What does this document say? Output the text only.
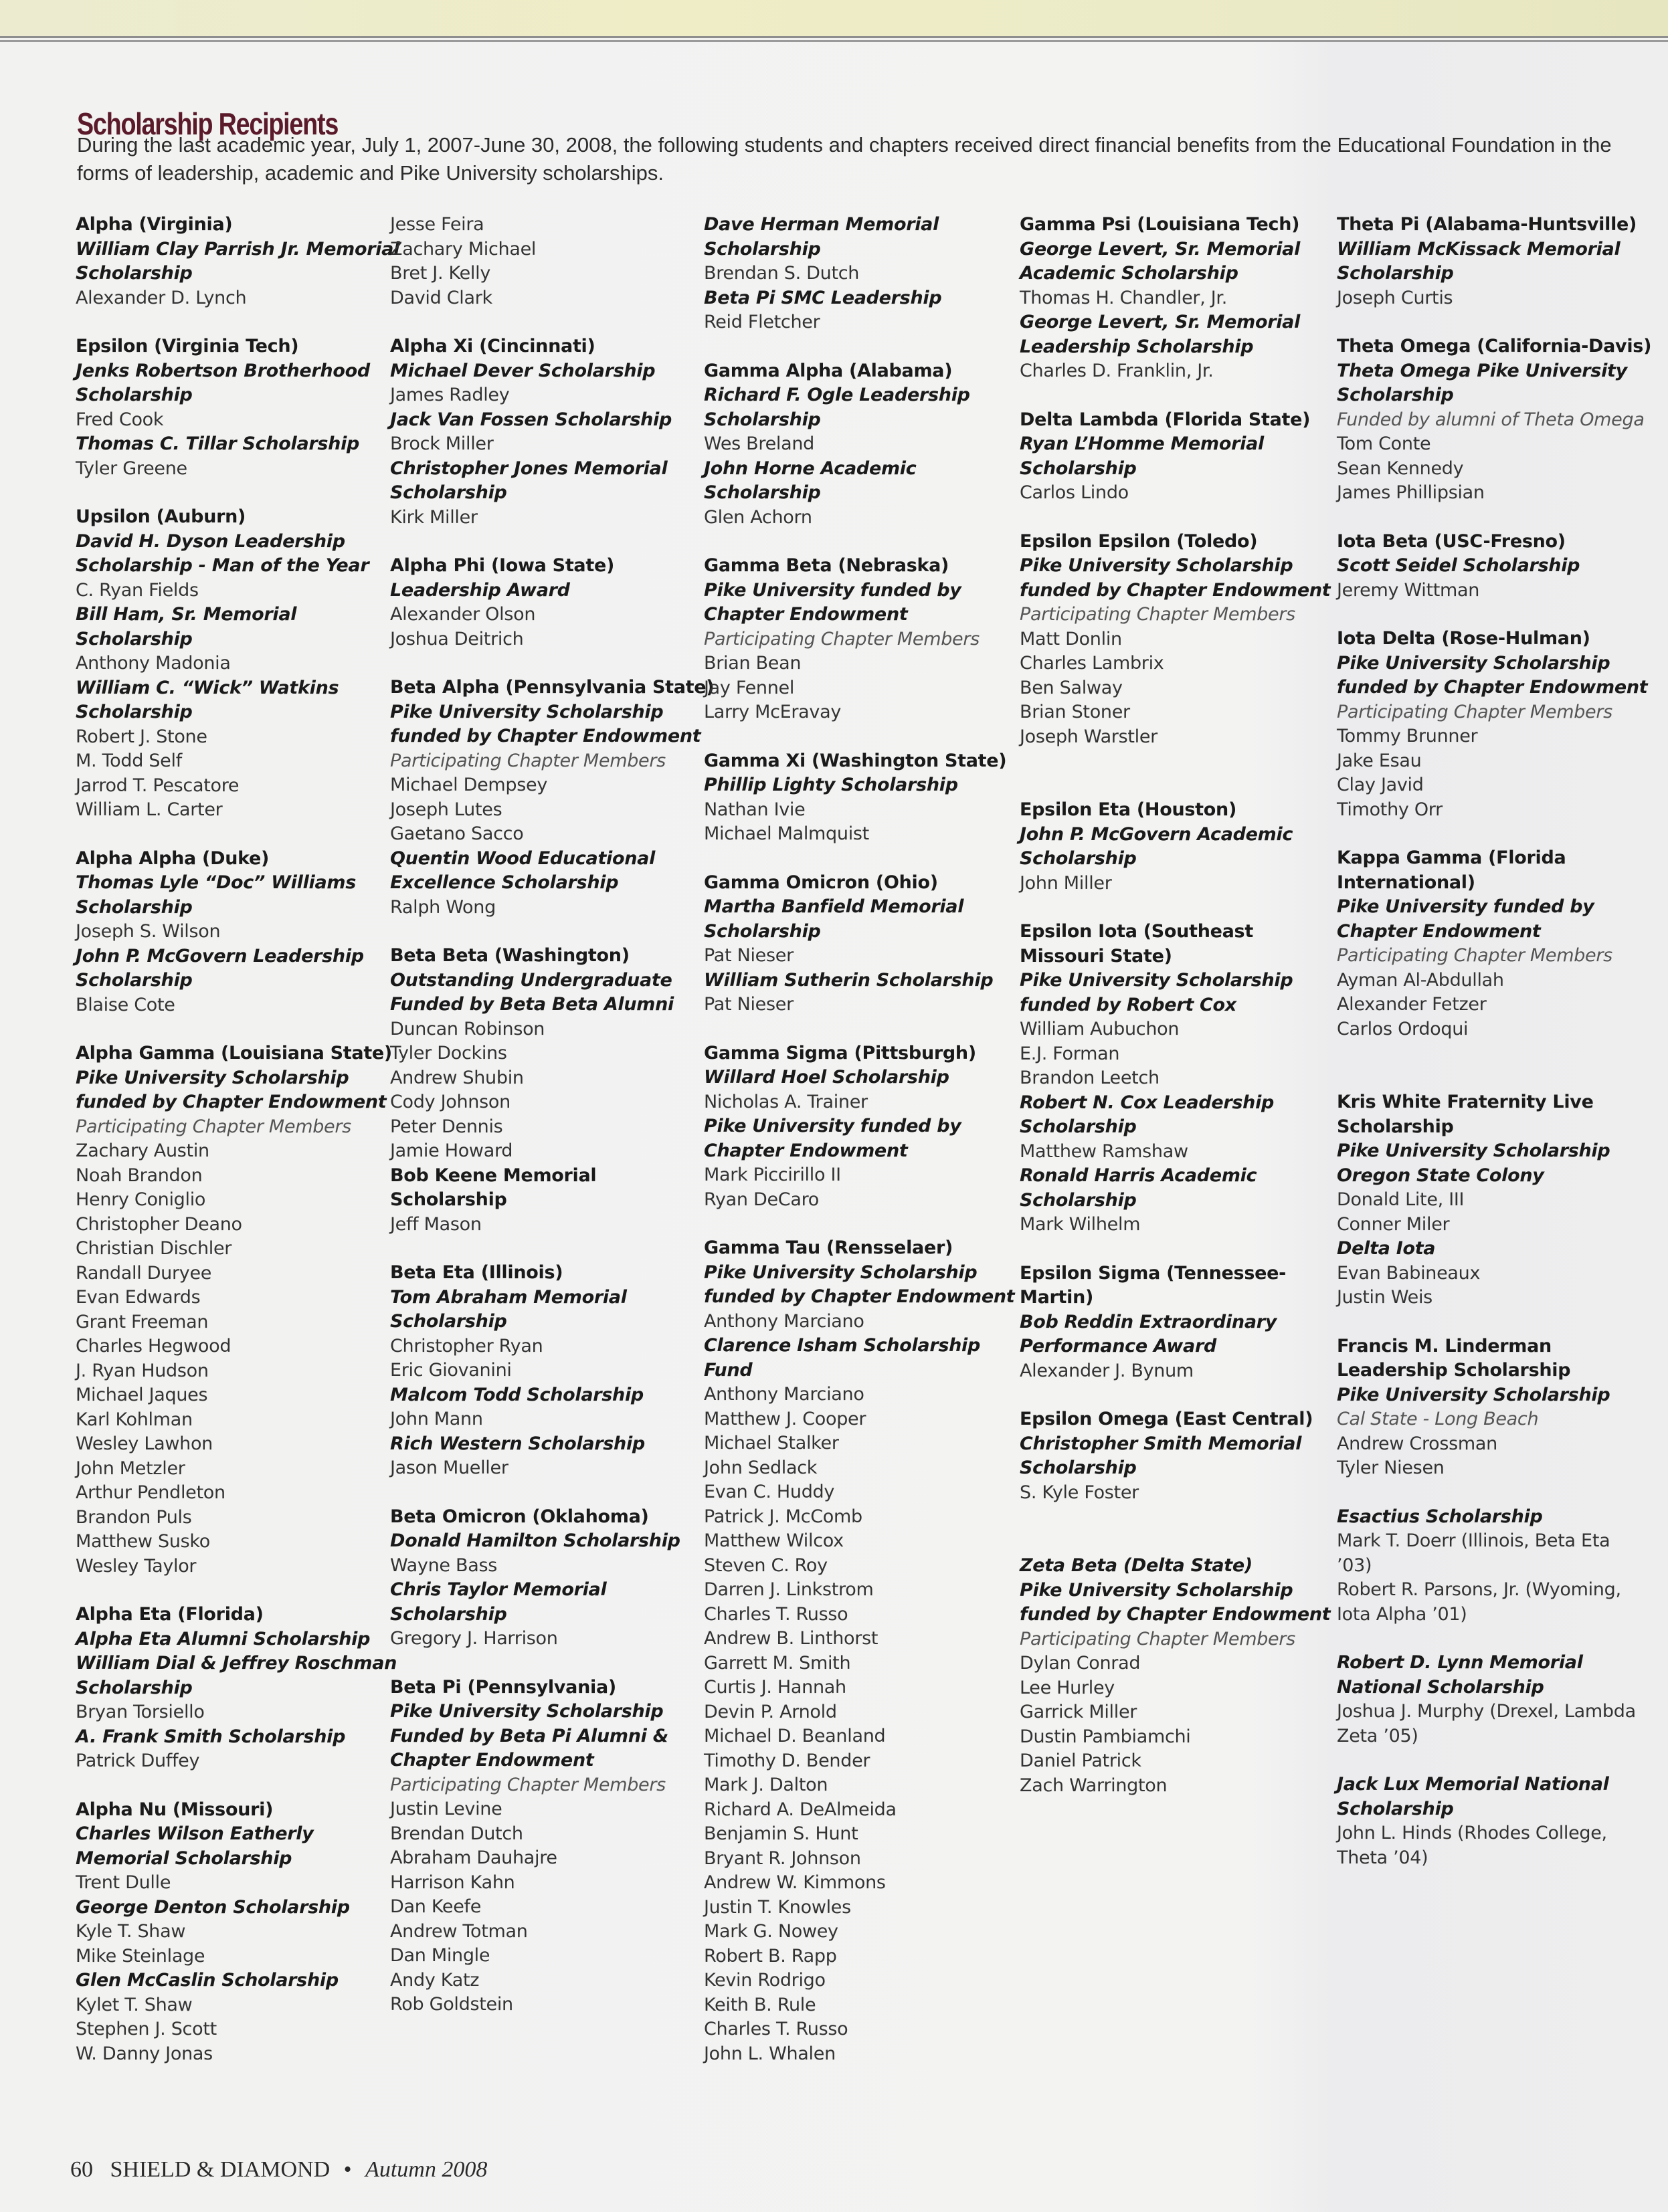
Scholarship Recipients

During the last academic year, July 1, 2007-June 30, 2008, the following students and chapters received direct financial benefits from the Educational Foundation in the forms of leadership, academic and Pike University scholarships.

Alpha (Virginia)
William Clay Parrish Jr. Memorial
Scholarship
Alexander D. Lynch
Epsilon (Virginia Tech)
Jenks Robertson Brotherhood
Scholarship
Fred Cook
Thomas C. Tillar Scholarship
Tyler Greene
Upsilon (Auburn)
David H. Dyson Leadership
Scholarship - Man of the Year
C. Ryan Fields
Bill Ham, Sr. Memorial
Scholarship
Anthony Madonia
William C. “Wick” Watkins
Scholarship
Robert J. Stone
M. Todd Self
Jarrod T. Pescatore
William L. Carter
Alpha Alpha (Duke)
Thomas Lyle “Doc” Williams
Scholarship
Joseph S. Wilson
John P. McGovern Leadership
Scholarship
Blaise Cote
Alpha Gamma (Louisiana State)
Pike University Scholarship
funded by Chapter Endowment
Participating Chapter Members
Zachary Austin
Noah Brandon
Henry Coniglio
Christopher Deano
Christian Dischler
Randall Duryee
Evan Edwards
Grant Freeman
Charles Hegwood
J. Ryan Hudson
Michael Jaques
Karl Kohlman
Wesley Lawhon
John Metzler
Arthur Pendleton
Brandon Puls
Matthew Susko
Wesley Taylor
Alpha Eta (Florida)
Alpha Eta Alumni Scholarship
William Dial & Jeffrey Roschman
Scholarship
Bryan Torsiello
A. Frank Smith Scholarship
Patrick Duffey
Alpha Nu (Missouri)
Charles Wilson Eatherly
Memorial Scholarship
Trent Dulle
George Denton Scholarship
Kyle T. Shaw
Mike Steinlage
Glen McCaslin Scholarship
Kylet T. Shaw
Stephen J. Scott
W. Danny Jonas
Jesse Feira
Zachary Michael
Bret J. Kelly
David Clark
Alpha Xi (Cincinnati)
Michael Dever Scholarship
James Radley
Jack Van Fossen Scholarship
Brock Miller
Christopher Jones Memorial
Scholarship
Kirk Miller
Alpha Phi (Iowa State)
Leadership Award
Alexander Olson
Joshua Deitrich
Beta Alpha (Pennsylvania State)
Pike University Scholarship
funded by Chapter Endowment
Participating Chapter Members
Michael Dempsey
Joseph Lutes
Gaetano Sacco
Quentin Wood Educational
Excellence Scholarship
Ralph Wong
Beta Beta (Washington)
Outstanding Undergraduate
Funded by Beta Beta Alumni
Duncan Robinson
Tyler Dockins
Andrew Shubin
Cody Johnson
Peter Dennis
Jamie Howard
Bob Keene Memorial
Scholarship
Jeff Mason
Beta Eta (Illinois)
Tom Abraham Memorial
Scholarship
Christopher Ryan
Eric Giovanini
Malcom Todd Scholarship
John Mann
Rich Western Scholarship
Jason Mueller
Beta Omicron (Oklahoma)
Donald Hamilton Scholarship
Wayne Bass
Chris Taylor Memorial
Scholarship
Gregory J. Harrison
Beta Pi (Pennsylvania)
Pike University Scholarship
Funded by Beta Pi Alumni &
Chapter Endowment
Participating Chapter Members
Justin Levine
Brendan Dutch
Abraham Dauhajre
Harrison Kahn
Dan Keefe
Andrew Totman
Dan Mingle
Andy Katz
Rob Goldstein
Dave Herman Memorial
Scholarship
Brendan S. Dutch
Beta Pi SMC Leadership
Reid Fletcher
Gamma Alpha (Alabama)
Richard F. Ogle Leadership
Scholarship
Wes Breland
John Horne Academic
Scholarship
Glen Achorn
Gamma Beta (Nebraska)
Pike University funded by
Chapter Endowment
Participating Chapter Members
Brian Bean
Jay Fennel
Larry McEravay
Gamma Xi (Washington State)
Phillip Lighty Scholarship
Nathan Ivie
Michael Malmquist
Gamma Omicron (Ohio)
Martha Banfield Memorial
Scholarship
Pat Nieser
William Sutherin Scholarship
Pat Nieser
Gamma Sigma (Pittsburgh)
Willard Hoel Scholarship
Nicholas A. Trainer
Pike University funded by
Chapter Endowment
Mark Piccirillo II
Ryan DeCaro
Gamma Tau (Rensselaer)
Pike University Scholarship
funded by Chapter Endowment
Anthony Marciano
Clarence Isham Scholarship
Fund
Anthony Marciano
Matthew J. Cooper
Michael Stalker
John Sedlack
Evan C. Huddy
Patrick J. McComb
Matthew Wilcox
Steven C. Roy
Darren J. Linkstrom
Charles T. Russo
Andrew B. Linthorst
Garrett M. Smith
Curtis J. Hannah
Devin P. Arnold
Michael D. Beanland
Timothy D. Bender
Mark J. Dalton
Richard A. DeAlmeida
Benjamin S. Hunt
Bryant R. Johnson
Andrew W. Kimmons
Justin T. Knowles
Mark G. Nowey
Robert B. Rapp
Kevin Rodrigo
Keith B. Rule
Charles T. Russo
John L. Whalen
Gamma Psi (Louisiana Tech)
George Levert, Sr. Memorial
Academic Scholarship
Thomas H. Chandler, Jr.
George Levert, Sr. Memorial
Leadership Scholarship
Charles D. Franklin, Jr.
Delta Lambda (Florida State)
Ryan L’Homme Memorial
Scholarship
Carlos Lindo
Epsilon Epsilon (Toledo)
Pike University Scholarship
funded by Chapter Endowment
Participating Chapter Members
Matt Donlin
Charles Lambrix
Ben Salway
Brian Stoner
Joseph Warstler
Epsilon Eta (Houston)
John P. McGovern Academic
Scholarship
John Miller
Epsilon Iota (Southeast
Missouri State)
Pike University Scholarship
funded by Robert Cox
William Aubuchon
E.J. Forman
Brandon Leetch
Robert N. Cox Leadership
Scholarship
Matthew Ramshaw
Ronald Harris Academic
Scholarship
Mark Wilhelm
Epsilon Sigma (Tennessee-
Martin)
Bob Reddin Extraordinary
Performance Award
Alexander J. Bynum
Epsilon Omega (East Central)
Christopher Smith Memorial
Scholarship
S. Kyle Foster
Zeta Beta (Delta State)
Pike University Scholarship
funded by Chapter Endowment
Participating Chapter Members
Dylan Conrad
Lee Hurley
Garrick Miller
Dustin Pambiamchi
Daniel Patrick
Zach Warrington
Theta Pi (Alabama-Huntsville)
William McKissack Memorial
Scholarship
Joseph Curtis
Theta Omega (California-Davis)
Theta Omega Pike University
Scholarship
Funded by alumni of Theta Omega
Tom Conte
Sean Kennedy
James Phillipsian
Iota Beta (USC-Fresno)
Scott Seidel Scholarship
Jeremy Wittman
Iota Delta (Rose-Hulman)
Pike University Scholarship
funded by Chapter Endowment
Participating Chapter Members
Tommy Brunner
Jake Esau
Clay Javid
Timothy Orr
Kappa Gamma (Florida
International)
Pike University funded by
Chapter Endowment
Participating Chapter Members
Ayman Al-Abdullah
Alexander Fetzer
Carlos Ordoqui
Kris White Fraternity Live
Scholarship
Pike University Scholarship
Oregon State Colony
Donald Lite, III
Conner Miler
Delta Iota
Evan Babineaux
Justin Weis
Francis M. Linderman
Leadership Scholarship
Pike University Scholarship
Cal State - Long Beach
Andrew Crossman
Tyler Niesen
Esactius Scholarship
Mark T. Doerr (Illinois, Beta Eta
’03)
Robert R. Parsons, Jr. (Wyoming,
Iota Alpha ’01)
Robert D. Lynn Memorial
National Scholarship
Joshua J. Murphy (Drexel, Lambda
Zeta ’05)
Jack Lux Memorial National
Scholarship
John L. Hinds (Rhodes College,
Theta ’04)
60 SHIELD & DIAMOND • Autumn 2008
